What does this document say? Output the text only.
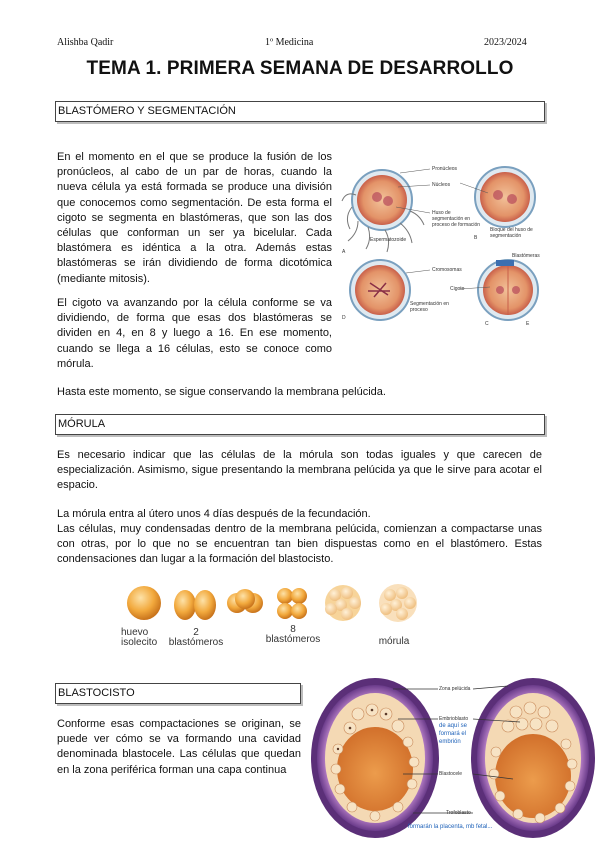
Alishba Qadir	1º Medicina	2023/2024
TEMA 1. PRIMERA SEMANA DE DESARROLLO
BLASTÓMERO Y SEGMENTACIÓN

En el momento en el que se produce la fusión de los pronúcleos, al cabo de un par de horas, cuando la nueva célula ya está formada se produce una división que conocemos como segmentación. De esta forma el cigoto se segmenta en blastómeras, que son las dos células que conforman un ser ya bicelular. Cada blastómera es idéntica a la otra. Además estas blastómeras se irán dividiendo de forma dicotómica (mediante mitosis).

El cigoto va avanzando por la célula conforme se va dividiendo, de forma que esas dos blastómeras se dividen en 4, en 8 y luego a 16. En ese momento, cuando se llega a 16 células, esto se conoce como mórula.

Hasta este momento, se sigue conservando la membrana pelúcida.

Pronúcleos
Núcleos
Huso de segmentación en proceso de formación
Espermatozoide
Bloque del huso de segmentación
Cromosomas
Segmentación en proceso
Cigoto
Blastómeras
A
B
C
D
E
MÓRULA

Es necesario indicar que las células de la mórula son todas iguales y que carecen de especialización. Asimismo, sigue presentando la membrana pelúcida ya que le sirve para acotar el espacio.

La mórula entra al útero unos 4 días después de la fecundación.

Las células, muy condensadas dentro de la membrana pelúcida, comienzan a compactarse unas con otras, por lo que no se encuentran tan bien dispuestas como en el blastómero. Estas condensaciones dan lugar a la formación del blastocisto.

huevo
isolecito
2
blastómeros
8
blastómeros	mórula
BLASTOCISTO

Conforme esas compactaciones se originan, se puede ver cómo se va formando una cavidad denominada blastocele. Las células que quedan en la zona periférica forman una capa continua

Zona pelúcida
Embrioblasto
de aquí se
formará el
embrión
Blastocele
Trofoblasto
formarán la placenta, mb fetal...
